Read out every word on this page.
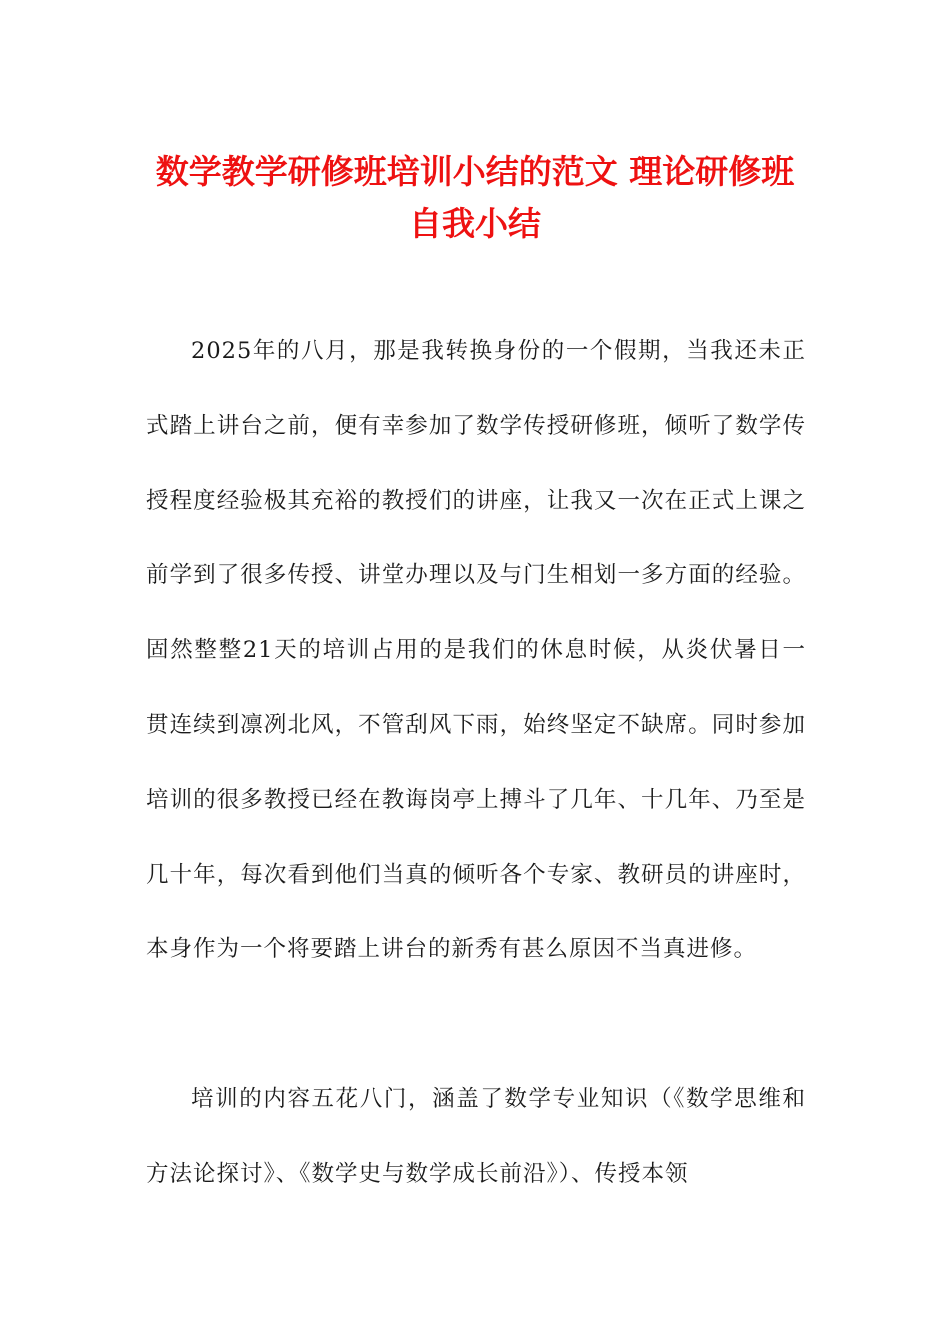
数学教学研修班培训小结的范文 理论研修班自我小结

2025年的八月，那是我转换身份的一个假期，当我还未正式踏上讲台之前，便有幸参加了数学传授研修班，倾听了数学传授程度经验极其充裕的教授们的讲座，让我又一次在正式上课之前学到了很多传授、讲堂办理以及与门生相划一多方面的经验。固然整整21天的培训占用的是我们的休息时候，从炎伏暑日一贯连续到凛冽北风，不管刮风下雨，始终坚定不缺席。同时参加培训的很多教授已经在教诲岗亭上搏斗了几年、十几年、乃至是几十年，每次看到他们当真的倾听各个专家、教研员的讲座时，本身作为一个将要踏上讲台的新秀有甚么原因不当真进修。

培训的内容五花八门，涵盖了数学专业知识（《数学思维和方法论探讨》、《数学史与数学成长前沿》）、传授本领
